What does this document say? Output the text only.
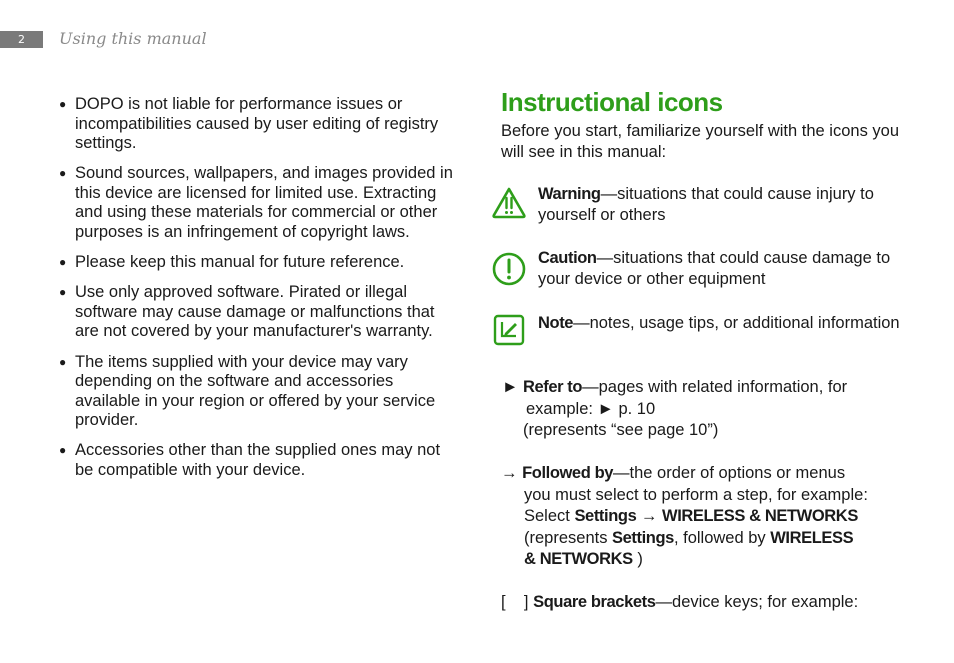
2	Using this manual
● DOPO is not liable for performance issues or incompatibilities caused by user editing of registry settings.
● Sound sources, wallpapers, and images provided in this device are licensed for limited use. Extracting and using these materials for commercial or other purposes is an infringement of copyright laws.
● Please keep this manual for future reference.
● Use only approved software. Pirated or illegal software may cause damage or malfunctions that are not covered by your manufacturer's warranty.
● The items supplied with your device may vary depending on the software and accessories available in your region or offered by your service provider.
● Accessories other than the supplied ones may not be compatible with your device.
Instructional icons

Before you start, familiarize yourself with the icons you will see in this manual:

Warning—situations that could cause injury to yourself or others
Caution—situations that could cause damage to your device or other equipment
Note—notes, usage tips, or additional information
► Refer to—pages with related information, for
example: ► p. 10
(represents “see page 10”)
→ Followed by—the order of options or menus
you must select to perform a step, for example:
Select Settings → WIRELESS & NETWORKS
(represents Settings, followed by WIRELESS
& NETWORKS )
[    ] Square brackets—device keys; for example:
